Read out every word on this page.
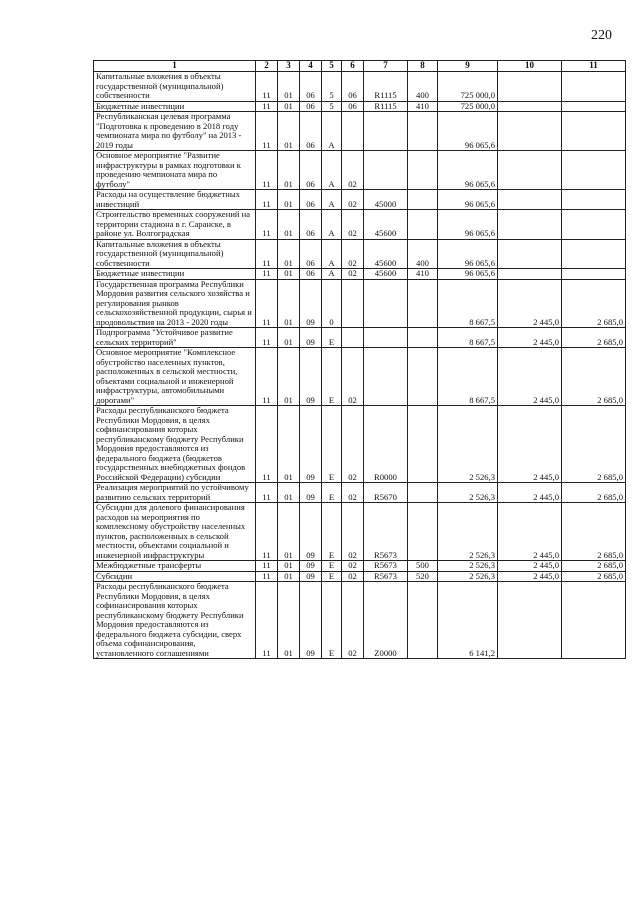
220
1	2	3	4	5	6	7	8	9	10	11
Капитальные вложения в объекты государственной (муниципальной) собственности	11	01	06	5	06	R1115	400	725 000,0		
Бюджетные инвестиции	11	01	06	5	06	R1115	410	725 000,0		
Республиканская целевая программа "Подготовка к проведению в 2018 году чемпионата мира по футболу" на 2013 - 2019 годы	11	01	06	А				96 065,6		
Основное мероприятие "Развитие инфраструктуры в рамках подготовки к проведению чемпионата мира по футболу"	11	01	06	А	02			96 065,6		
Расходы на осуществление бюджетных инвестиций	11	01	06	А	02	45000		96 065,6		
Строительство временных сооружений на территории стадиона в г. Саранске, в районе ул. Волгоградская	11	01	06	А	02	45600		96 065,6		
Капитальные вложения в объекты государственной (муниципальной) собственности	11	01	06	А	02	45600	400	96 065,6		
Бюджетные инвестиции	11	01	06	А	02	45600	410	96 065,6		
Государственная программа Республики Мордовия развития сельского хозяйства и регулирования рынков сельскохозяйственной продукции, сырья и продовольствия на 2013 - 2020 годы	11	01	09	0				8 667,5	2 445,0	2 685,0
Подпрограмма "Устойчивое развитие сельских территорий"	11	01	09	Е				8 667,5	2 445,0	2 685,0
Основное мероприятие "Комплексное обустройство населенных пунктов, расположенных в сельской местности, объектами социальной и инженерной инфраструктуры, автомобильными дорогами"	11	01	09	Е	02			8 667,5	2 445,0	2 685,0
Расходы республиканского бюджета Республики Мордовия, в целях софинансирования которых республиканскому бюджету Республики Мордовия предоставляются из федерального бюджета (бюджетов государственных внебюджетных фондов Российской Федерации) субсидии	11	01	09	Е	02	R0000		2 526,3	2 445,0	2 685,0
Реализация мероприятий по устойчивому развитию сельских территорий	11	01	09	Е	02	R5670		2 526,3	2 445,0	2 685,0
Субсидии для долевого финансирования расходов на мероприятия по комплексному обустройству населенных пунктов, расположенных в сельской местности, объектами социальной и инженерной инфраструктуры	11	01	09	Е	02	R5673		2 526,3	2 445,0	2 685,0
Межбюджетные трансферты	11	01	09	Е	02	R5673	500	2 526,3	2 445,0	2 685,0
Субсидии	11	01	09	Е	02	R5673	520	2 526,3	2 445,0	2 685,0
Расходы республиканского бюджета Республики Мордовия, в целях софинансирования которых республиканскому бюджету Республики Мордовия предоставляются из федерального бюджета субсидии, сверх объема софинансирования, установленного соглашениями	11	01	09	Е	02	Z0000		6 141,2		
